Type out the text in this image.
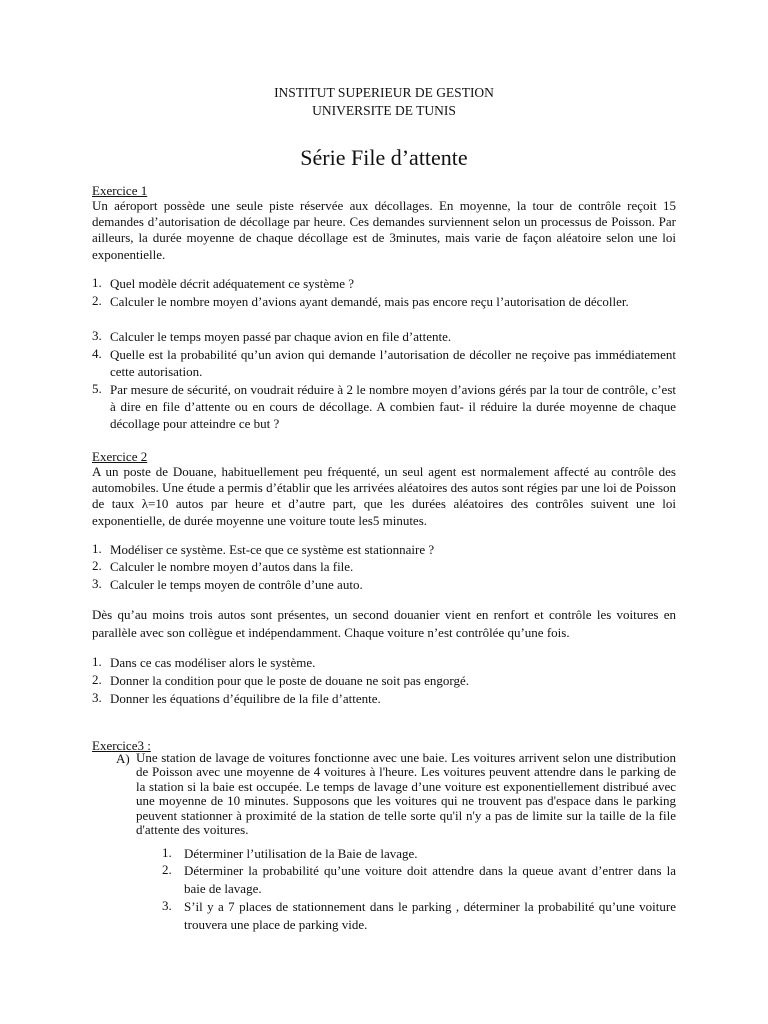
INSTITUT SUPERIEUR DE GESTION
UNIVERSITE DE TUNIS
Série File d’attente
Exercice 1
Un aéroport possède une seule piste réservée aux décollages. En moyenne, la tour de contrôle reçoit 15 demandes d’autorisation de décollage par heure. Ces demandes surviennent selon un processus de Poisson. Par ailleurs, la durée moyenne de chaque décollage est de 3minutes, mais varie de façon aléatoire selon une loi exponentielle.
1. Quel modèle décrit adéquatement ce système ?
2. Calculer le nombre moyen d’avions ayant demandé, mais pas encore reçu l’autorisation de décoller.
3. Calculer le temps moyen passé par chaque avion en file d’attente.
4. Quelle est la probabilité qu’un avion qui demande l’autorisation de décoller ne reçoive pas immédiatement cette autorisation.
5. Par mesure de sécurité, on voudrait réduire à 2 le nombre moyen d’avions gérés par la tour de contrôle, c’est à dire en file d’attente ou en cours de décollage. A combien faut- il réduire la durée moyenne de chaque décollage pour atteindre ce but ?
Exercice 2
A un poste de Douane, habituellement peu fréquenté, un seul agent est normalement affecté au contrôle des automobiles. Une étude a permis d’établir que les arrivées aléatoires des autos sont régies par une loi de Poisson de taux λ=10 autos par heure et d’autre part, que les durées aléatoires des contrôles suivent une loi exponentielle, de durée moyenne une voiture toute les5 minutes.
1. Modéliser ce système. Est-ce que ce système est stationnaire ?
2. Calculer le nombre moyen d’autos dans la file.
3. Calculer le temps moyen de contrôle d’une auto.
Dès qu’au moins trois autos sont présentes, un second douanier vient en renfort et contrôle les voitures en parallèle avec son collègue et indépendamment. Chaque voiture n’est contrôlée qu’une fois.
1. Dans ce cas modéliser alors le système.
2. Donner la condition pour que le poste de douane ne soit pas engorgé.
3. Donner les équations d’équilibre de la file d’attente.
Exercice3 :
A) Une station de lavage de voitures fonctionne avec une baie. Les voitures arrivent selon une distribution de Poisson avec une moyenne de 4 voitures à l'heure. Les voitures peuvent attendre dans le parking de la station si la baie est occupée. Le temps de lavage d’une voiture est exponentiellement distribué avec une moyenne de 10 minutes. Supposons que les voitures qui ne trouvent pas d'espace dans le parking peuvent stationner à proximité de la station de telle sorte qu'il n'y a pas de limite sur la taille de la file d'attente des voitures.
1. Déterminer l’utilisation de la Baie de lavage.
2. Déterminer la probabilité qu’une voiture doit attendre dans la queue avant d’entrer dans la baie de lavage.
3. S’il y a 7 places de stationnement dans le parking , déterminer la probabilité qu’une voiture trouvera une place de parking vide.
